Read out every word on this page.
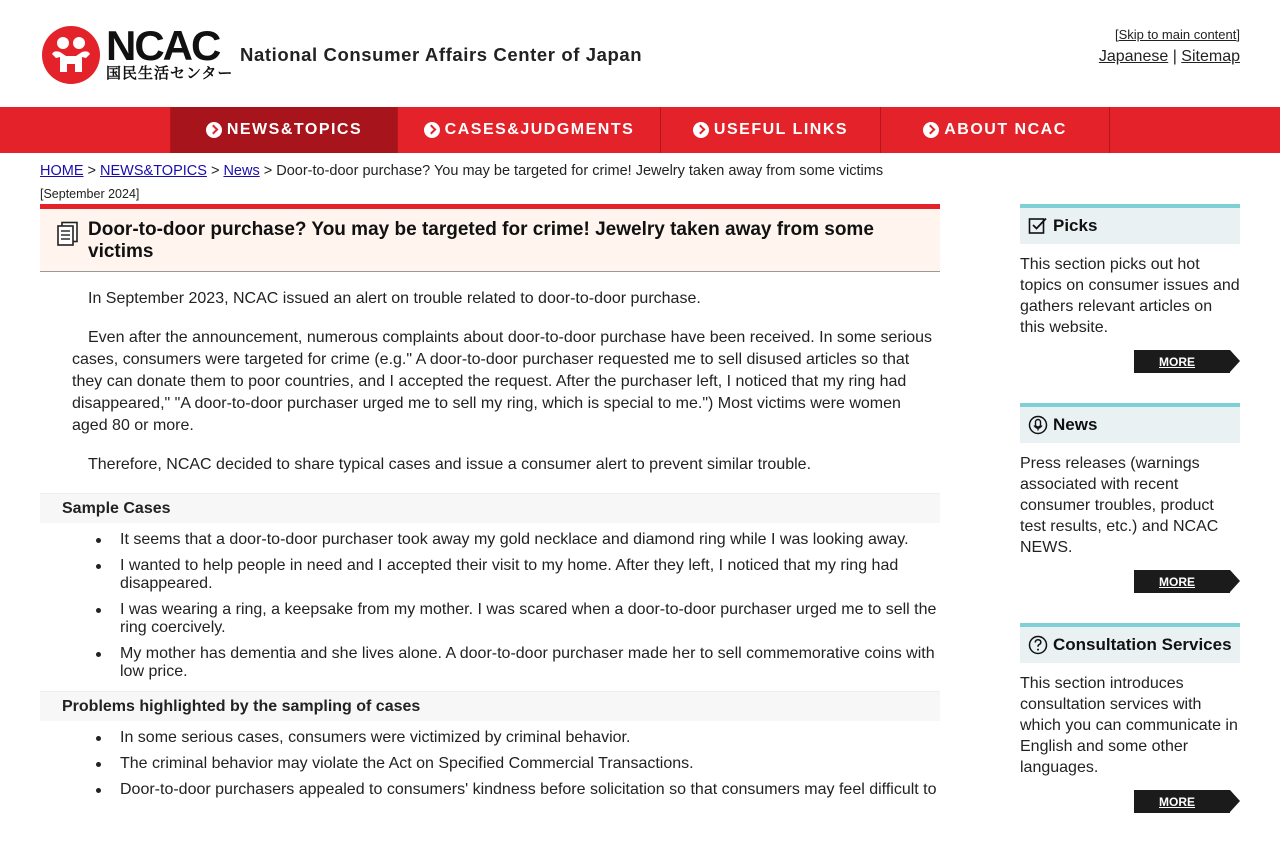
NCAC
国民生活センター
National Consumer Affairs Center of Japan
[Skip to main content]
Japanese | Sitemap
NEWS&TOPICS	CASES&JUDGMENTS	USEFUL LINKS	ABOUT NCAC
HOME > NEWS&TOPICS > News > Door-to-door purchase? You may be targeted for crime! Jewelry taken away from some victims
[September 2024]
Door-to-door purchase? You may be targeted for crime! Jewelry taken away from some victims

In September 2023, NCAC issued an alert on trouble related to door-to-door purchase.

Even after the announcement, numerous complaints about door-to-door purchase have been received. In some serious cases, consumers were targeted for crime (e.g." A door-to-door purchaser requested me to sell disused articles so that they can donate them to poor countries, and I accepted the request. After the purchaser left, I noticed that my ring had disappeared," "A door-to-door purchaser urged me to sell my ring, which is special to me.") Most victims were women aged 80 or more.

Therefore, NCAC decided to share typical cases and issue a consumer alert to prevent similar trouble.

Sample Cases
It seems that a door-to-door purchaser took away my gold necklace and diamond ring while I was looking away.
I wanted to help people in need and I accepted their visit to my home. After they left, I noticed that my ring had disappeared.
I was wearing a ring, a keepsake from my mother. I was scared when a door-to-door purchaser urged me to sell the ring coercively.
My mother has dementia and she lives alone. A door-to-door purchaser made her to sell commemorative coins with low price.
Problems highlighted by the sampling of cases
In some serious cases, consumers were victimized by criminal behavior.
The criminal behavior may violate the Act on Specified Commercial Transactions.
Door-to-door purchasers appealed to consumers' kindness before solicitation so that consumers may feel difficult to
Picks

This section picks out hot topics on consumer issues and gathers relevant articles on this website.

MORE
News

Press releases (warnings associated with recent consumer troubles, product test results, etc.) and NCAC NEWS.

MORE
Consultation Services

This section introduces consultation services with which you can communicate in English and some other languages.

MORE
